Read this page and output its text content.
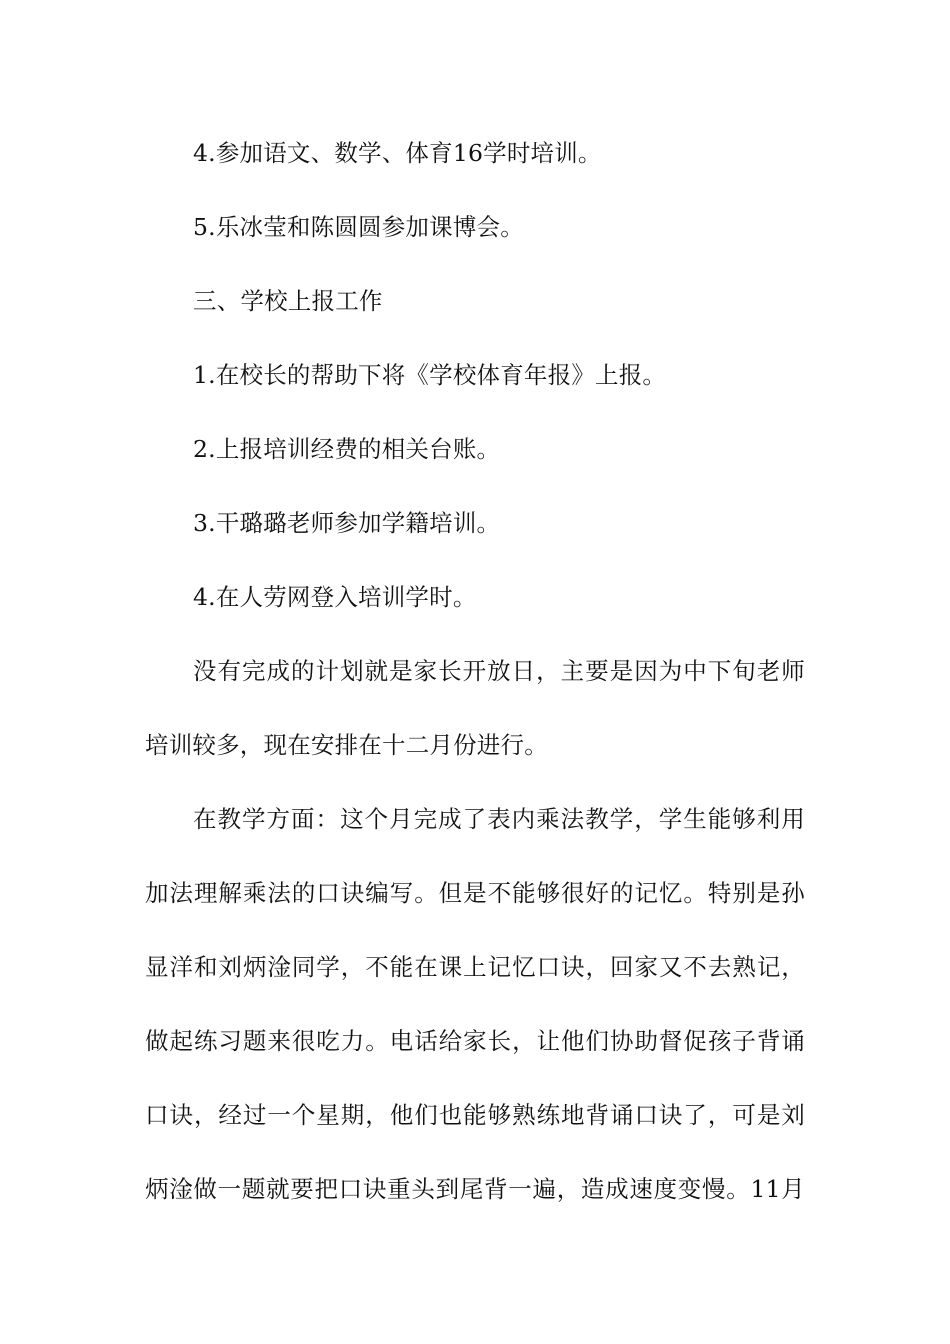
4.参加语文、数学、体育16学时培训。
5.乐冰莹和陈圆圆参加课博会。
三、学校上报工作
1.在校长的帮助下将《学校体育年报》上报。
2.上报培训经费的相关台账。
3.干璐璐老师参加学籍培训。
4.在人劳网登入培训学时。
没有完成的计划就是家长开放日，主要是因为中下旬老师
培训较多，现在安排在十二月份进行。
在教学方面：这个月完成了表内乘法教学，学生能够利用
加法理解乘法的口诀编写。但是不能够很好的记忆。特别是孙
显洋和刘炳淦同学，不能在课上记忆口诀，回家又不去熟记，
做起练习题来很吃力。电话给家长，让他们协助督促孩子背诵
口诀，经过一个星期，他们也能够熟练地背诵口诀了，可是刘
炳淦做一题就要把口诀重头到尾背一遍，造成速度变慢。11月
